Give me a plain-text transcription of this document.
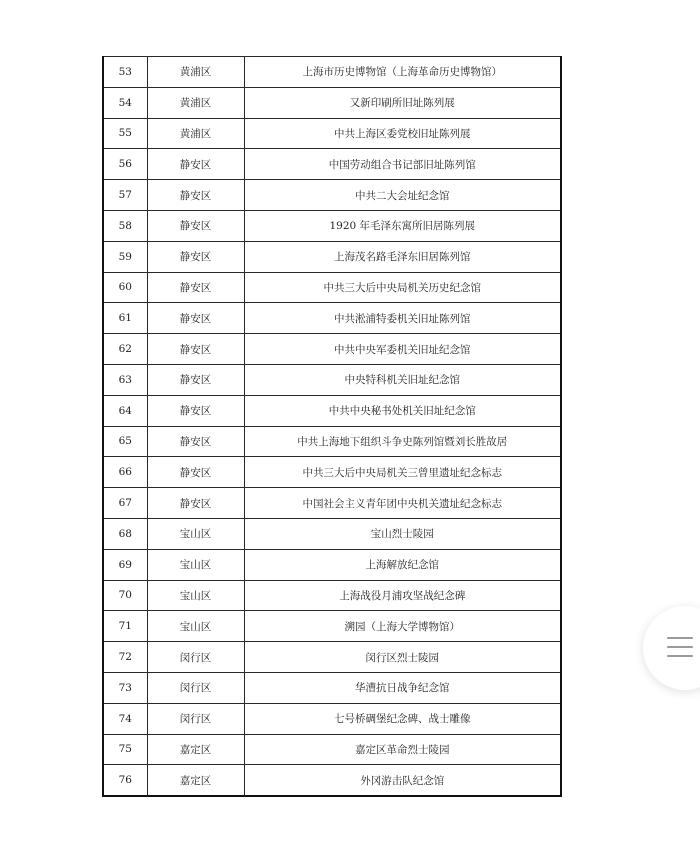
53	黄浦区	上海市历史博物馆（上海革命历史博物馆）
54	黄浦区	又新印刷所旧址陈列展
55	黄浦区	中共上海区委党校旧址陈列展
56	静安区	中国劳动组合书记部旧址陈列馆
57	静安区	中共二大会址纪念馆
58	静安区	1920 年毛泽东寓所旧居陈列展
59	静安区	上海茂名路毛泽东旧居陈列馆
60	静安区	中共三大后中央局机关历史纪念馆
61	静安区	中共淞浦特委机关旧址陈列馆
62	静安区	中共中央军委机关旧址纪念馆
63	静安区	中央特科机关旧址纪念馆
64	静安区	中共中央秘书处机关旧址纪念馆
65	静安区	中共上海地下组织斗争史陈列馆暨刘长胜故居
66	静安区	中共三大后中央局机关三曾里遗址纪念标志
67	静安区	中国社会主义青年团中央机关遗址纪念标志
68	宝山区	宝山烈士陵园
69	宝山区	上海解放纪念馆
70	宝山区	上海战役月浦攻坚战纪念碑
71	宝山区	溯园（上海大学博物馆）
72	闵行区	闵行区烈士陵园
73	闵行区	华漕抗日战争纪念馆
74	闵行区	七号桥碉堡纪念碑、战士雕像
75	嘉定区	嘉定区革命烈士陵园
76	嘉定区	外冈游击队纪念馆
